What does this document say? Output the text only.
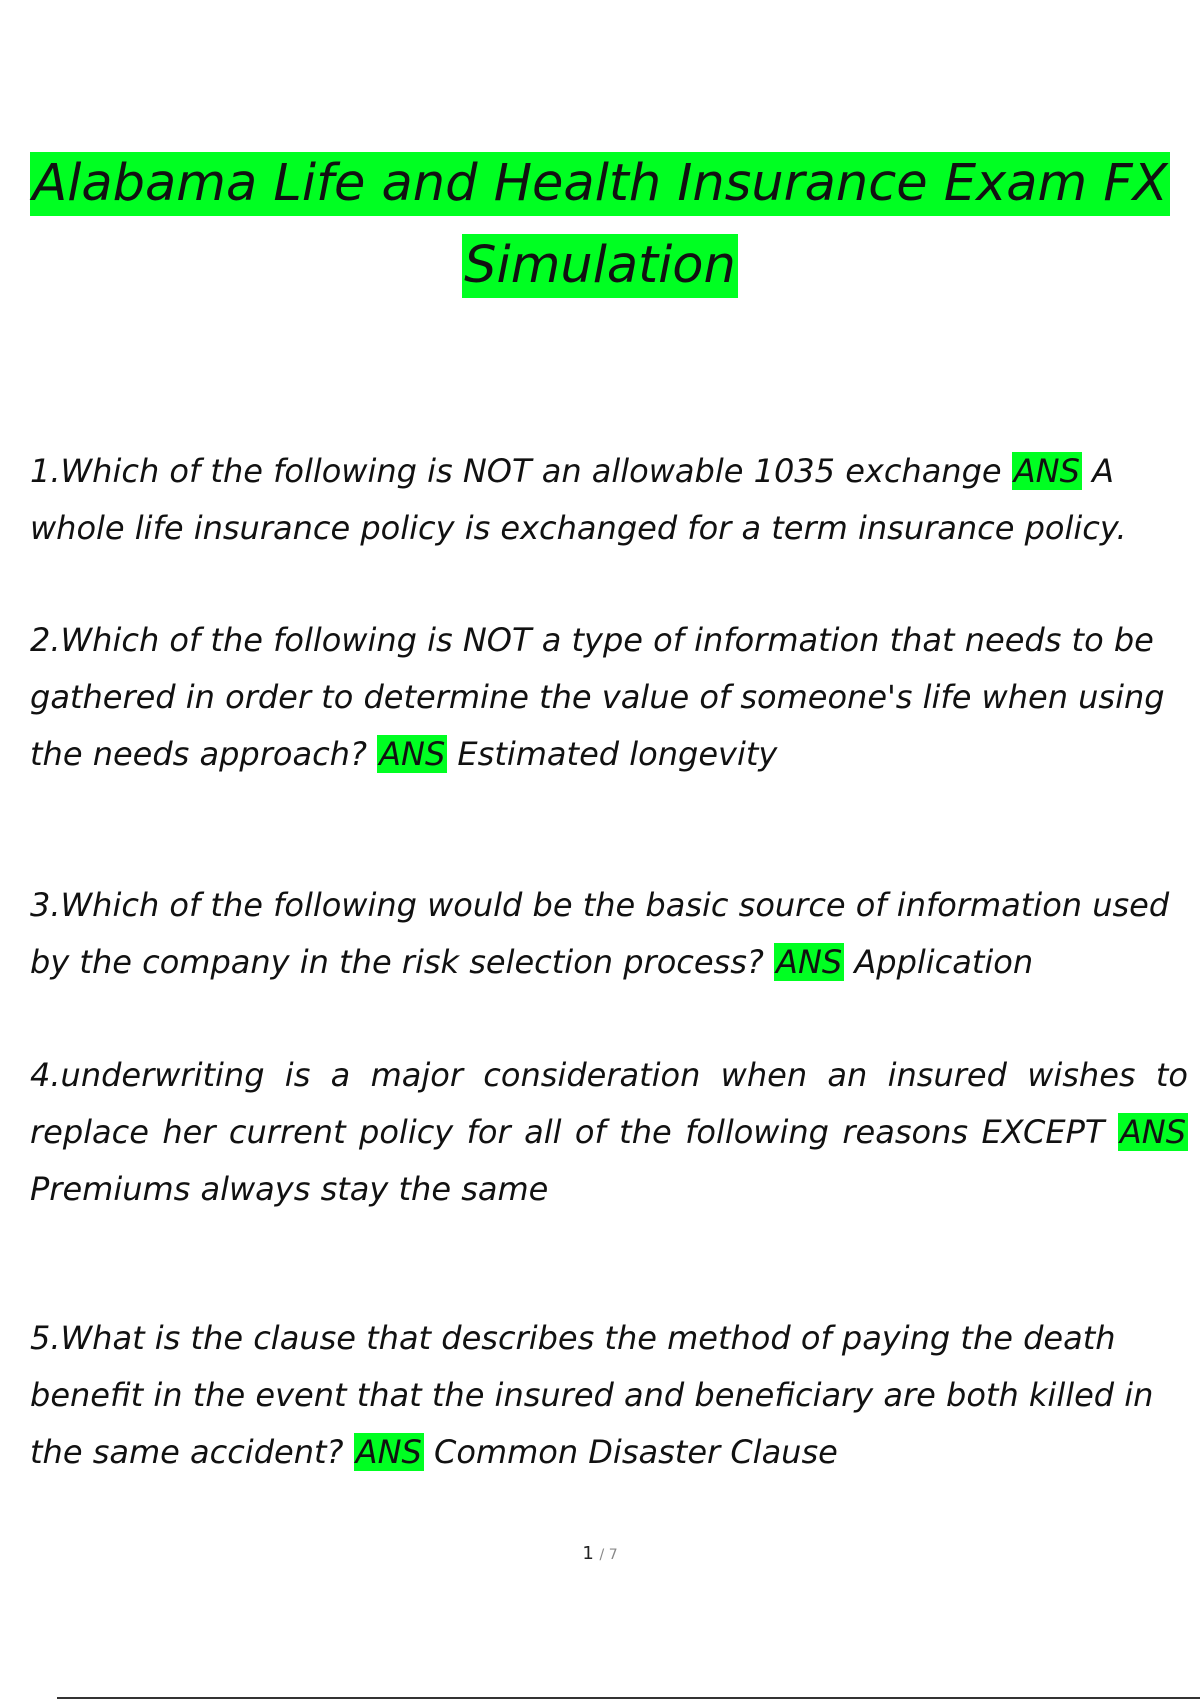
Alabama Life and Health Insurance Exam FX
Simulation
1.Which of the following is NOT an allowable 1035 exchange ANS A whole life insurance policy is exchanged for a term insurance policy.
2.Which of the following is NOT a type of information that needs to be gathered in order to determine the value of someone's life when using the needs approach? ANS Estimated longevity
3.Which of the following would be the basic source of information used by the company in the risk selection process? ANS Application
4.underwriting is a major consideration when an insured wishes to replace her current policy for all of the following reasons EXCEPT ANS Premiums always stay the same
5.What is the clause that describes the method of paying the death benefit in the event that the insured and beneficiary are both killed in the same accident? ANS Common Disaster Clause
1 / 7
